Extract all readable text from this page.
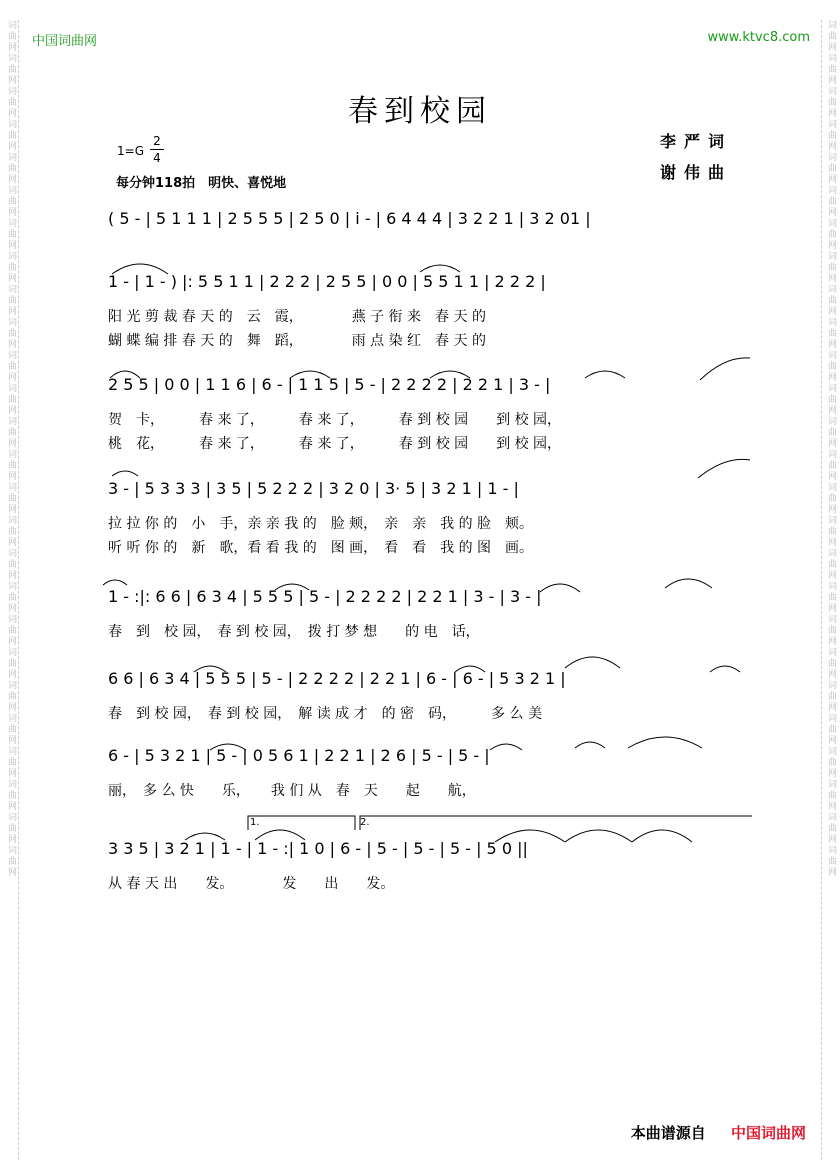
词曲网词曲网词曲网词曲网词曲网词曲网词曲网词曲网词曲网词曲网词曲网词曲网词曲网词曲网词曲网词曲网词曲网词曲网词曲网词曲网词曲网词曲网词曲网词曲网词曲网词曲网	词曲网词曲网词曲网词曲网词曲网词曲网词曲网词曲网词曲网词曲网词曲网词曲网词曲网词曲网词曲网词曲网词曲网词曲网词曲网词曲网词曲网词曲网词曲网词曲网词曲网词曲网
中国词曲网	www.ktvc8.com
春到校园
1=G
2
4
每分钟118拍　明快、喜悦地
李严词
谢伟曲
( 5 - | 5 1 1 1 | 2 5 5 5 | 2 5 0 | i - | 6 4 4 4 | 3 2 2 1 | 3 2 01 |
1 - | 1 - ) |: 5 5 1 1 | 2 2 2 | 2 5 5 | 0 0 | 5 5 1 1 | 2 2 2 |
阳 光 剪 裁 春 天 的　云　霞，　　　　燕 子 衔 来　春 天 的
蝴 蝶 编 排 春 天 的　舞　蹈，　　　　雨 点 染 红　春 天 的
2 5 5 | 0 0 | 1 1 6 | 6 - | 1 1 5 | 5 - | 2 2 2 2 | 2 2 1 | 3 - |
贺　卡，　　　春 来 了，　　　春 来 了，　　　春 到 校 园　　到 校 园，
桃　花，　　　春 来 了，　　　春 来 了，　　　春 到 校 园　　到 校 园，
3 - | 5 3 3 3 | 3 5 | 5 2 2 2 | 3 2 0 | 3· 5 | 3 2 1 | 1 - |
拉 拉 你 的　小　手，亲 亲 我 的　脸 颊，　亲　亲　我 的 脸　颊。
听 听 你 的　新　歌，看 看 我 的　图 画，　看　看　我 的 图　画。
1 - :|: 6 6 | 6 3 4 | 5 5 5 | 5 - | 2 2 2 2 | 2 2 1 | 3 - | 3 - |
春　到　校 园，　春 到 校 园，　拨 打 梦 想　　的 电　话，
6 6 | 6 3 4 | 5 5 5 | 5 - | 2 2 2 2 | 2 2 1 | 6 - | 6 - | 5 3 2 1 |
春　到 校 园，　春 到 校 园，　解 读 成 才　的 密　码，　　　多 么 美
6 - | 5 3 2 1 | 5 - | 0 5 6 1 | 2 2 1 | 2 6 | 5 - | 5 - |
丽，　多 么 快　　乐，　　我 们 从　春　天　　起　　航，
3 3 5 | 3 2 1 | 1 - | 1 - :| 1 0 | 6 - | 5 - | 5 - | 5 - | 5 0 ||
从 春 天 出　　发。　　　　发　　出　　发。
1.	2.
本曲谱源自 中国词曲网
